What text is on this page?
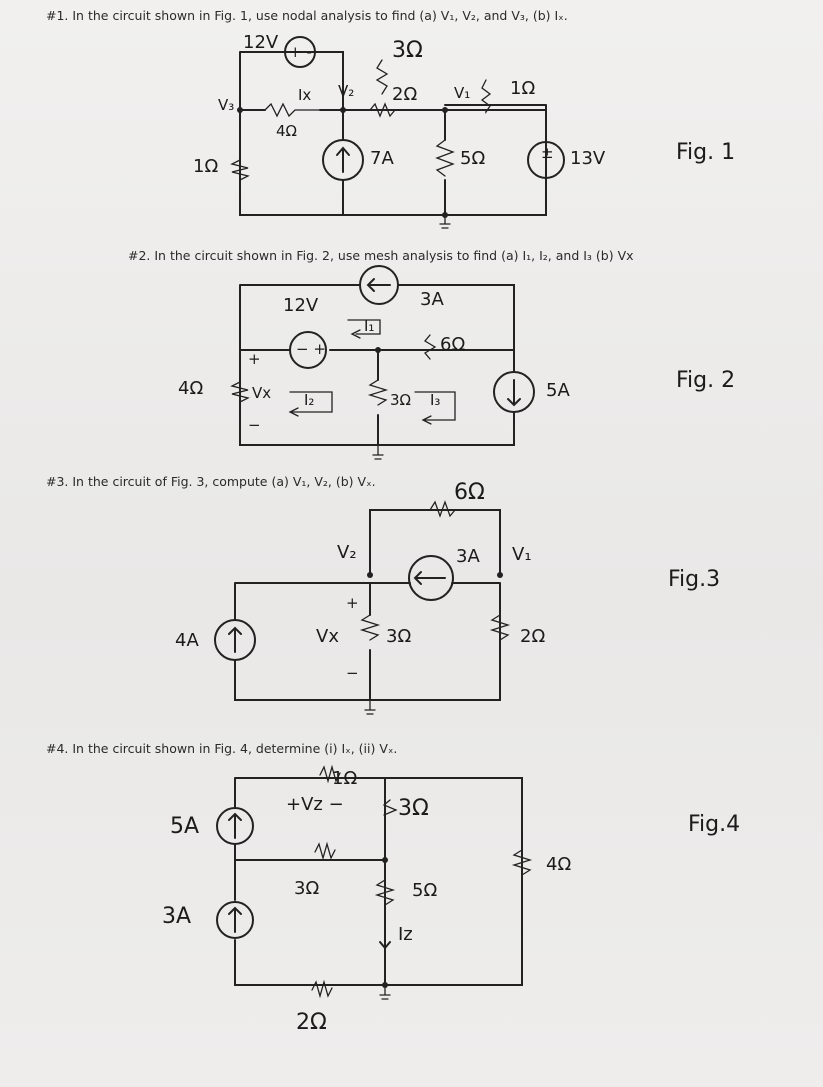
#1. In the circuit shown in Fig. 1, use nodal analysis to find (a) V₁, V₂, and V₃, (b) Iₓ.
#2. In the circuit shown in Fig. 2, use mesh analysis to find (a) I₁, I₂, and I₃ (b) Vx
#3. In the circuit of Fig. 3, compute (a) V₁, V₂, (b) Vₓ.
#4. In the circuit shown in Fig. 4, determine (i) Iₓ, (ii) Vₓ.
Fig. 1
Fig. 2
Fig.3
Fig.4
12V + -	3Ω
V₃
Ix V₂ 2Ω V₁ 1Ω
4Ω
1Ω	7A	5Ω	± 13V
12V	3A
I₁
6Ω
− +
+
4Ω	Vx
−
I₂	3Ω I₃	5A
6Ω
V₂	3A V₁
+
Vx
−
3Ω	2Ω
4A
1Ω
+Vz − 3Ω
5A
4Ω
3Ω	5Ω
3A
Iz
2Ω
